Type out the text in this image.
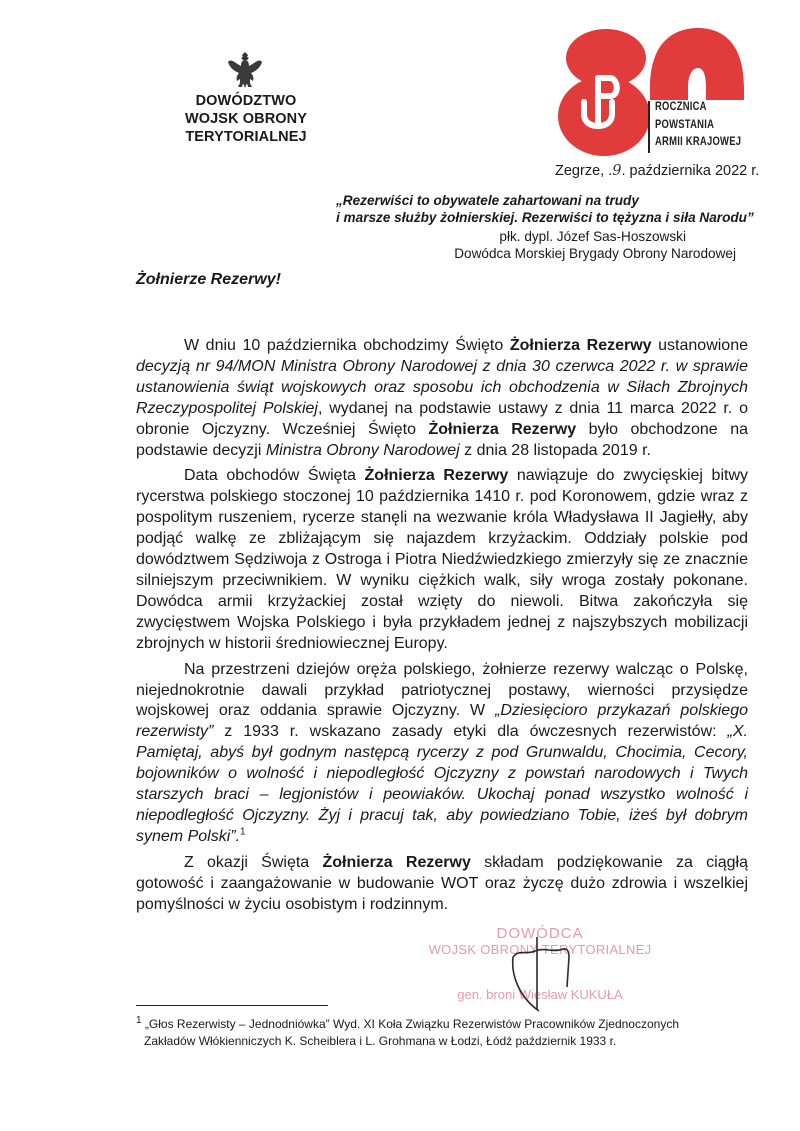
DOWÓDZTWO
WOJSK OBRONY TERYTORIALNEJ
ROCZNICA
POWSTANIA
ARMII KRAJOWEJ
Zegrze, .9. października 2022 r.
„Rezerwiści to obywatele zahartowani na trudy
i marsze służby żołnierskiej. Rezerwiści to tężyzna i siła Narodu”
płk. dypl. Józef Sas-Hoszowski
Dowódca Morskiej Brygady Obrony Narodowej
Żołnierze Rezerwy!

W dniu 10 października obchodzimy Święto Żołnierza Rezerwy ustanowione decyzją nr 94/MON Ministra Obrony Narodowej z dnia 30 czerwca 2022 r. w sprawie ustanowienia świąt wojskowych oraz sposobu ich obchodzenia w Siłach Zbrojnych Rzeczypospolitej Polskiej, wydanej na podstawie ustawy z dnia 11 marca 2022 r. o obronie Ojczyzny. Wcześniej Święto Żołnierza Rezerwy było obchodzone na podstawie decyzji Ministra Obrony Narodowej z dnia 28 listopada 2019 r.

Data obchodów Święta Żołnierza Rezerwy nawiązuje do zwycięskiej bitwy rycerstwa polskiego stoczonej 10 października 1410 r. pod Koronowem, gdzie wraz z pospolitym ruszeniem, rycerze stanęli na wezwanie króla Władysława II Jagiełły, aby podjąć walkę ze zbliżającym się najazdem krzyżackim. Oddziały polskie pod dowództwem Sędziwoja z Ostroga i Piotra Niedźwiedzkiego zmierzyły się ze znacznie silniejszym przeciwnikiem. W wyniku ciężkich walk, siły wroga zostały pokonane. Dowódca armii krzyżackiej został wzięty do niewoli. Bitwa zakończyła się zwycięstwem Wojska Polskiego i była przykładem jednej z najszybszych mobilizacji zbrojnych w historii średniowiecznej Europy.

Na przestrzeni dziejów oręża polskiego, żołnierze rezerwy walcząc o Polskę, niejednokrotnie dawali przykład patriotycznej postawy, wierności przysiędze wojskowej oraz oddania sprawie Ojczyzny. W „Dziesięcioro przykazań polskiego rezerwisty” z 1933 r. wskazano zasady etyki dla ówczesnych rezerwistów: „X. Pamiętaj, abyś był godnym następcą rycerzy z pod Grunwaldu, Chocimia, Cecory, bojowników o wolność i niepodległość Ojczyzny z powstań narodowych i Twych starszych braci – legjonistów i peowiaków. Ukochaj ponad wszystko wolność i niepodległość Ojczyzny. Żyj i pracuj tak, aby powiedziano Tobie, iżeś był dobrym synem Polski”.$^1$

Z okazji Święta Żołnierza Rezerwy składam podziękowanie za ciągłą gotowość i zaangażowanie w budowanie WOT oraz życzę dużo zdrowia i wszelkiej pomyślności w życiu osobistym i rodzinnym.

DOWÓDCA
WOJSK OBRONY TERYTORIALNEJ
gen. broni Wiesław KUKUŁA
$^1$ „Głos Rezerwisty – Jednodniówka” Wyd. XI Koła Związku Rezerwistów Pracowników Zjednoczonych
Zakładów Włókienniczych K. Scheiblera i L. Grohmana w Łodzi, Łódź październik 1933 r.
